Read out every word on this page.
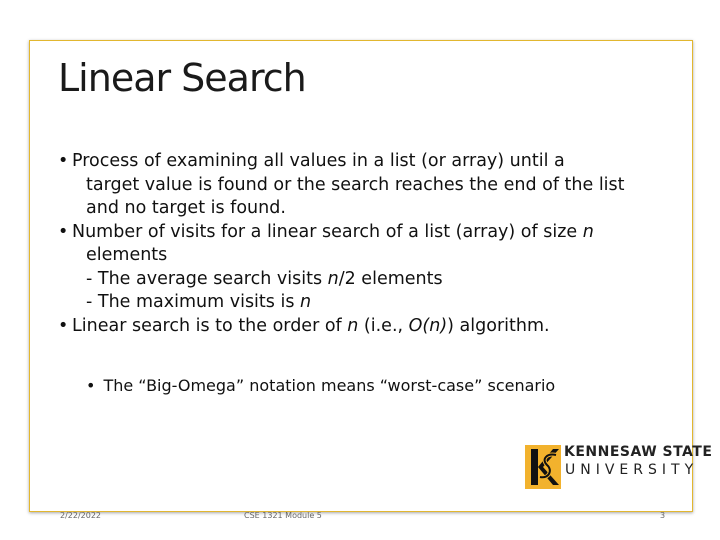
Linear Search
• Process of examining all values in a list (or array) until a
target value is found or the search reaches the end of the list
and no target is found.
• Number of visits for a linear search of a list (array) of size n
elements
- The average search visits n/2 elements
- The maximum visits is n
• Linear search is to the order of n (i.e., O(n)) algorithm.
• The “Big-Omega” notation means “worst-case” scenario
KENNESAW STATE
UNIVERSITY
2/22/2022	CSE 1321 Module 5	3
